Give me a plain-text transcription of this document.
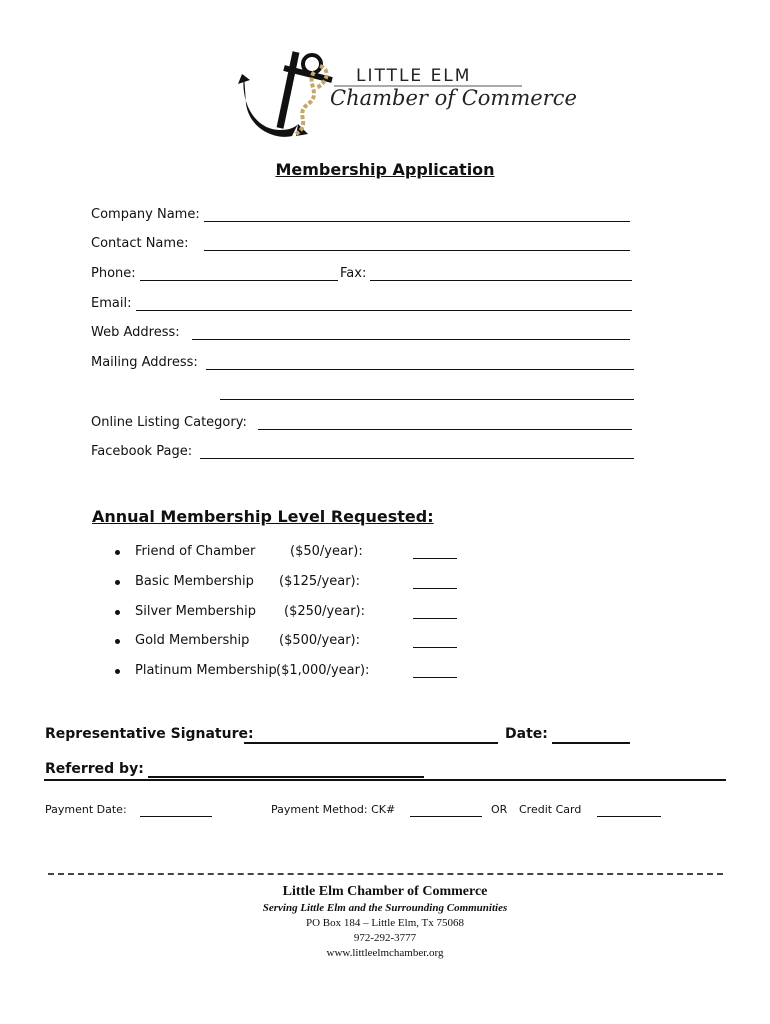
LITTLE ELM
Chamber of Commerce
Membership Application
Company Name:
Contact Name:
Phone:	Fax:
Email:
Web Address:
Mailing Address:
Online Listing Category:
Facebook Page:
Annual Membership Level Requested:
Friend of Chamber	($50/year):
Basic Membership ($125/year):
Silver Membership ($250/year):
Gold Membership ($500/year):
Platinum Membership ($1,000/year):
Representative Signature:	Date:
Referred by:
Payment Date:	Payment Method: CK#	OR Credit Card
Little Elm Chamber of Commerce
Serving Little Elm and the Surrounding Communities
PO Box 184 – Little Elm, Tx 75068
972-292-3777
www.littleelmchamber.org
